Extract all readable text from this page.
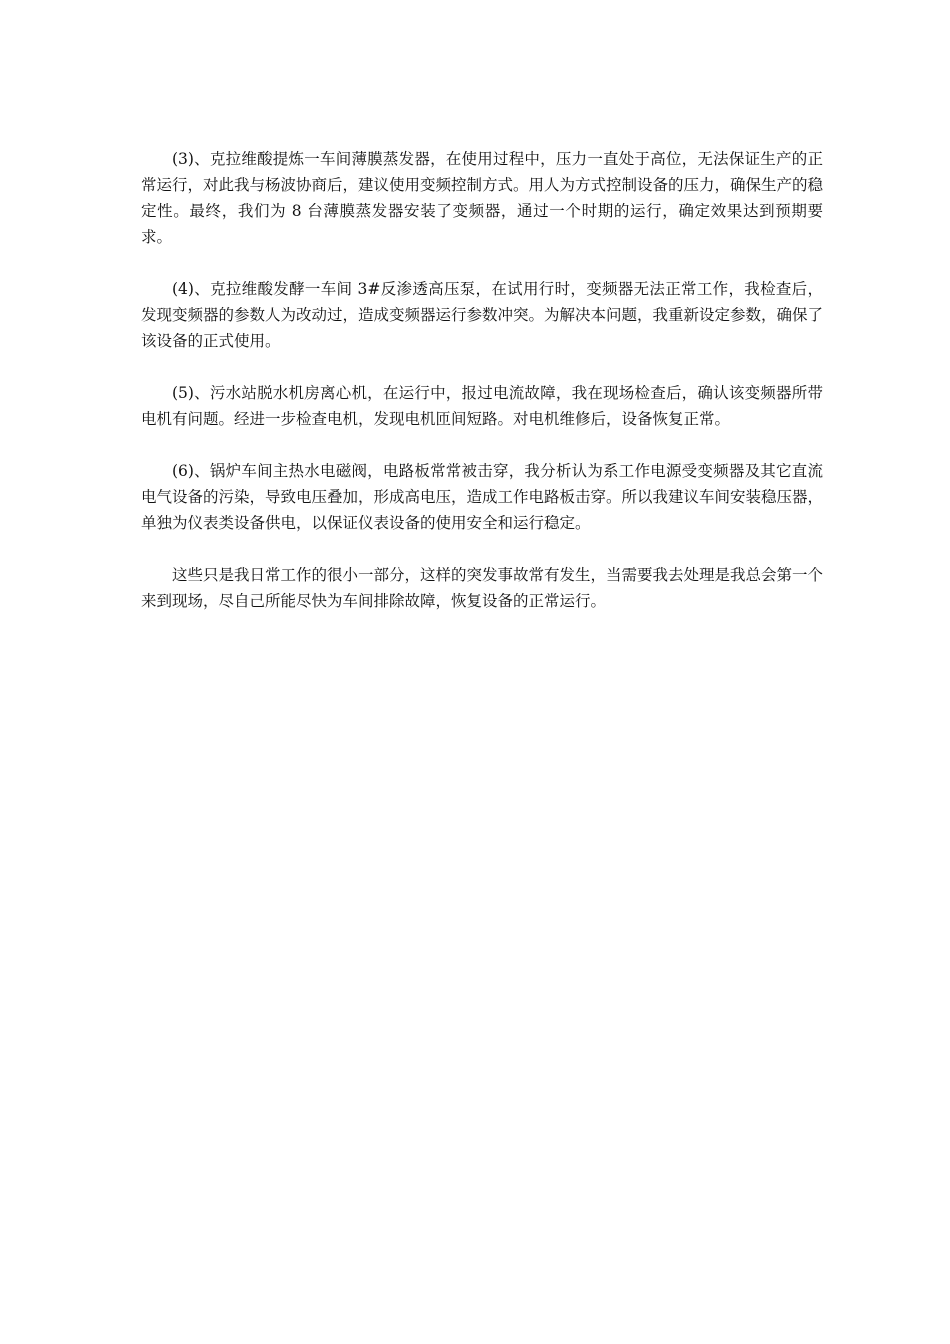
(3)、克拉维酸提炼一车间薄膜蒸发器，在使用过程中，压力一直处于高位，无法保证生产的正常运行，对此我与杨波协商后，建议使用变频控制方式。用人为方式控制设备的压力，确保生产的稳定性。最终，我们为 8 台薄膜蒸发器安装了变频器，通过一个时期的运行，确定效果达到预期要求。

(4)、克拉维酸发酵一车间 3#反渗透高压泵，在试用行时，变频器无法正常工作，我检查后，发现变频器的参数人为改动过，造成变频器运行参数冲突。为解决本问题，我重新设定参数，确保了该设备的正式使用。

(5)、污水站脱水机房离心机，在运行中，报过电流故障，我在现场检查后，确认该变频器所带电机有问题。经进一步检查电机，发现电机匝间短路。对电机维修后，设备恢复正常。

(6)、锅炉车间主热水电磁阀，电路板常常被击穿，我分析认为系工作电源受变频器及其它直流电气设备的污染，导致电压叠加，形成高电压，造成工作电路板击穿。所以我建议车间安装稳压器，单独为仪表类设备供电，以保证仪表设备的使用安全和运行稳定。

这些只是我日常工作的很小一部分，这样的突发事故常有发生，当需要我去处理是我总会第一个来到现场，尽自己所能尽快为车间排除故障，恢复设备的正常运行。
